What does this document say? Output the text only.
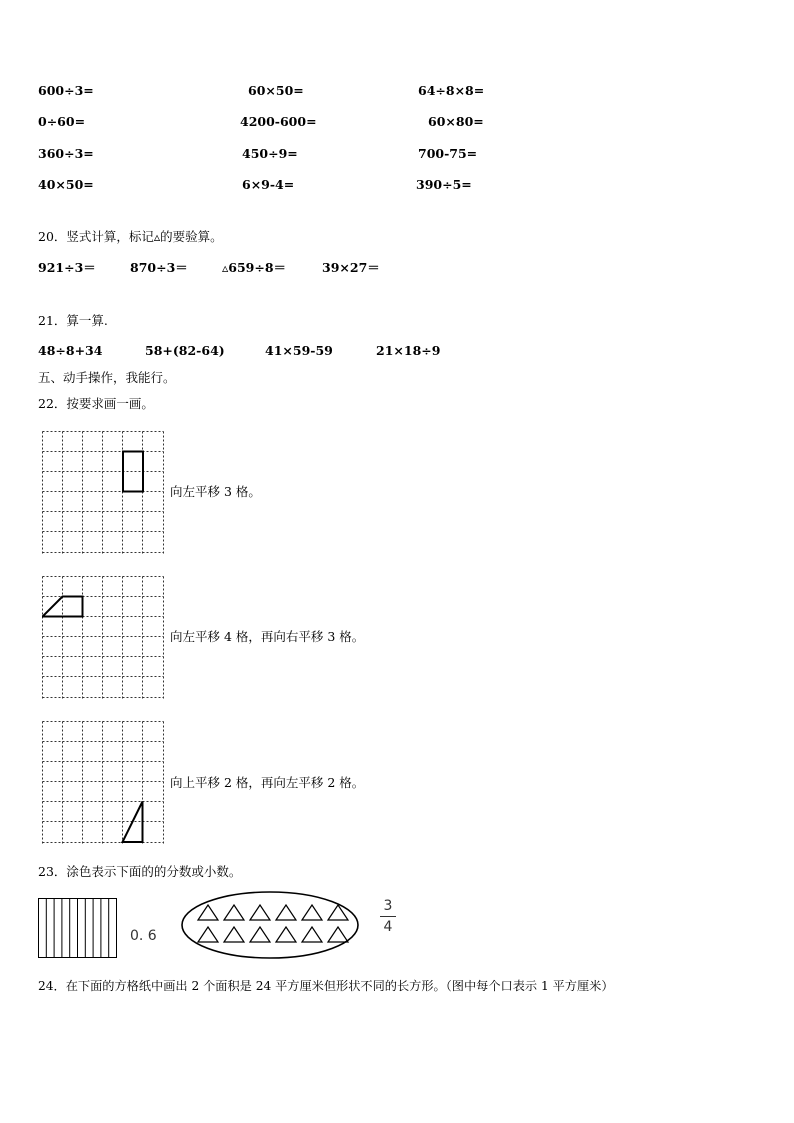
600÷3=	60×50=	64÷8×8=
0÷60=	4200-600=	60×80=
360÷3=	450÷9=	700-75=
40×50=	6×9-4=	390÷5=
20．竖式计算，标记▵的要验算。
921÷3＝	870÷3＝	▵659÷8＝	39×27＝
21．算一算.
48÷8+34	58+(82-64)	41×59-59	21×18÷9
五、动手操作，我能行。
22．按要求画一画。
向左平移 3 格。
向左平移 4 格，再向右平移 3 格。
向上平移 2 格，再向左平移 2 格。
23．涂色表示下面的的分数或小数。
0. 6
3
4
24．在下面的方格纸中画出 2 个面积是 24 平方厘米但形状不同的长方形。（图中每个口表示 1 平方厘米）
